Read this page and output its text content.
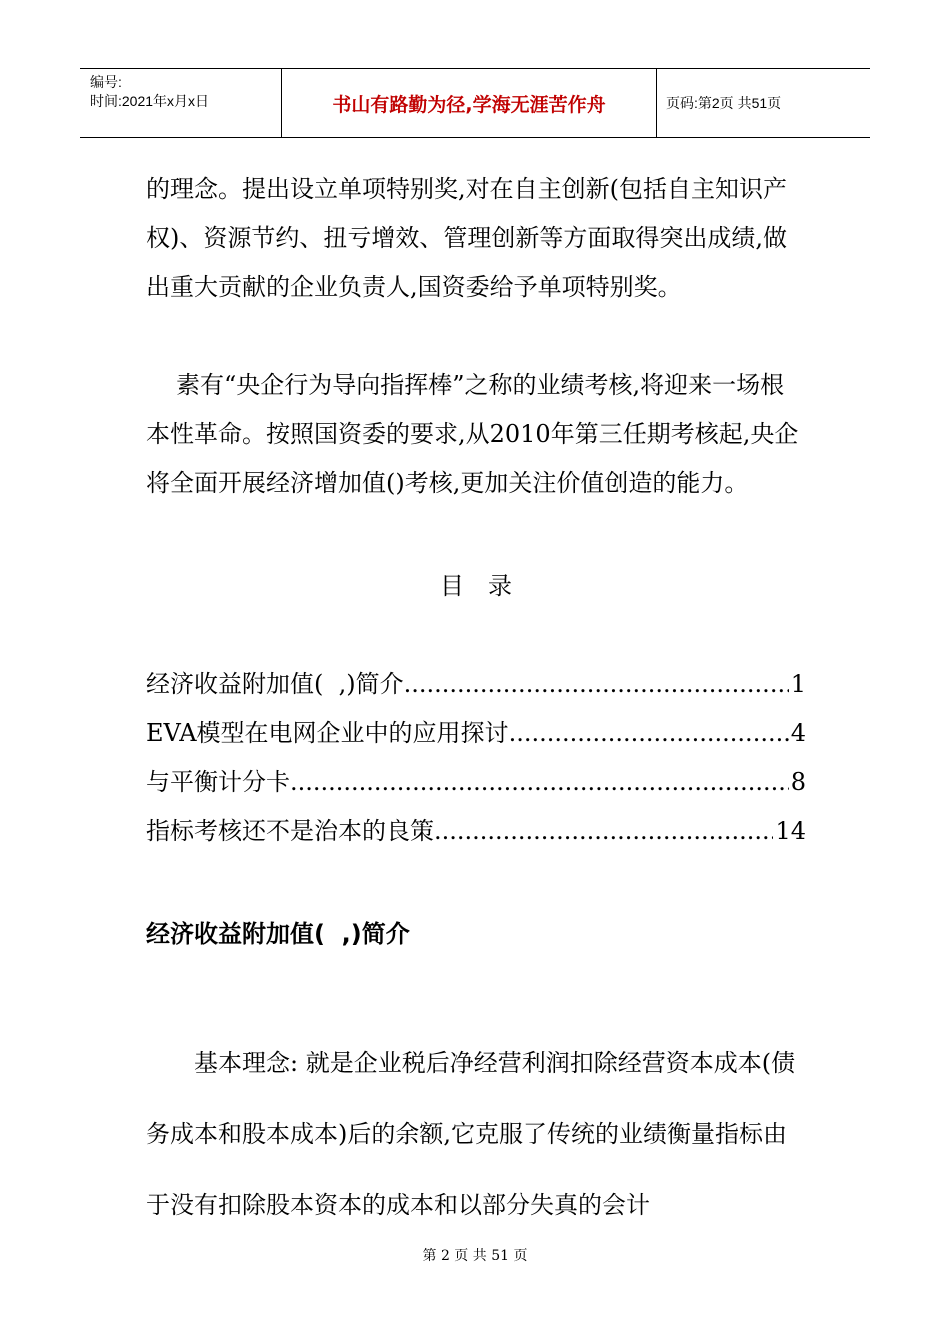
编号:
时间:2021年x月x日	书山有路勤为径,学海无涯苦作舟	页码:第2页 共51页

的理念。提出设立单项特别奖,对在自主创新(包括自主知识产权)、资源节约、扭亏增效、管理创新等方面取得突出成绩,做出重大贡献的企业负责人,国资委给予单项特别奖。

素有“央企行为导向指挥棒”之称的业绩考核,将迎来一场根本性革命。按照国资委的要求,从2010年第三任期考核起,央企将全面开展经济增加值()考核,更加关注价值创造的能力。

目录
经济收益附加值(  ,)简介 .....	1
EVA模型在电网企业中的应用探讨 .....	4
与平衡计分卡 .....	8
指标考核还不是治本的良策 .....	14
经济收益附加值(  ,)简介

基本理念: 就是企业税后净经营利润扣除经营资本成本(债务成本和股本成本)后的余额,它克服了传统的业绩衡量指标由于没有扣除股本资本的成本和以部分失真的会计

第 2 页 共 51 页
